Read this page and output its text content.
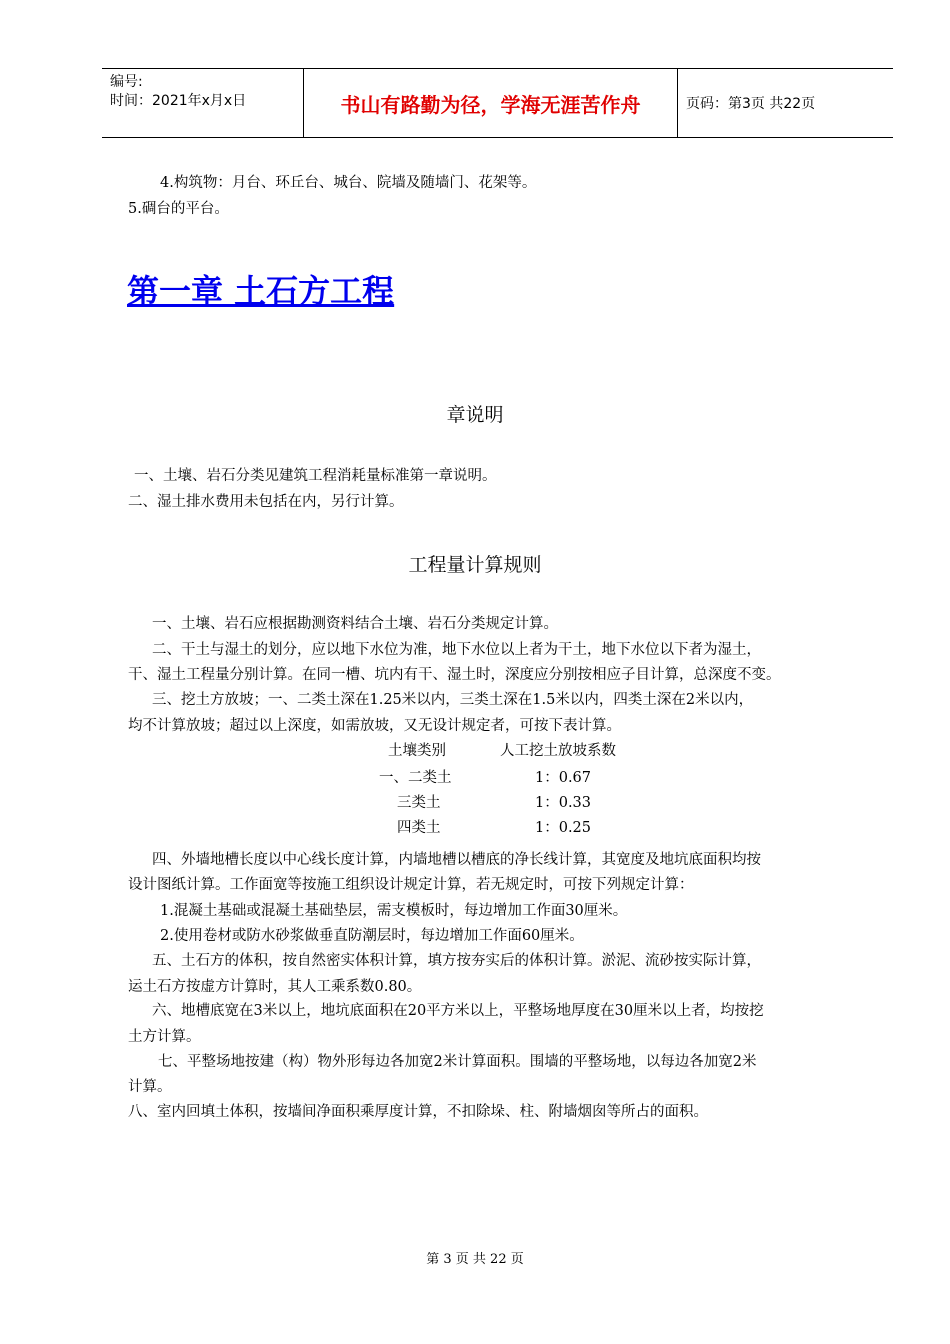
编号:
时间：2021年x月x日	书山有路勤为径，学海无涯苦作舟	页码：第3页 共22页
4.构筑物：月台、环丘台、城台、院墙及随墙门、花架等。
5.碉台的平台。
第一章 土石方工程
章说明
一、土壤、岩石分类见建筑工程消耗量标准第一章说明。
二、湿土排水费用未包括在内，另行计算。
工程量计算规则
一、土壤、岩石应根据勘测资料结合土壤、岩石分类规定计算。
二、干土与湿土的划分，应以地下水位为准，地下水位以上者为干土，地下水位以下者为湿土，
干、湿土工程量分别计算。在同一槽、坑内有干、湿土时，深度应分别按相应子目计算，总深度不变。
三、挖土方放坡；一、二类土深在1.25米以内，三类土深在1.5米以内，四类土深在2米以内，
均不计算放坡；超过以上深度，如需放坡，又无设计规定者，可按下表计算。
土壤类别	人工挖土放坡系数
一、二类土	1：0.67
三类土	1：0.33
四类土	1：0.25
四、外墙地槽长度以中心线长度计算，内墙地槽以槽底的净长线计算，其宽度及地坑底面积均按
设计图纸计算。工作面宽等按施工组织设计规定计算，若无规定时，可按下列规定计算：
1.混凝土基础或混凝土基础垫层，需支模板时，每边增加工作面30厘米。
2.使用卷材或防水砂浆做垂直防潮层时，每边增加工作面60厘米。
五、土石方的体积，按自然密实体积计算，填方按夯实后的体积计算。淤泥、流砂按实际计算，
运土石方按虚方计算时，其人工乘系数0.80。
六、地槽底宽在3米以上，地坑底面积在20平方米以上，平整场地厚度在30厘米以上者，均按挖
土方计算。
七、平整场地按建（构）物外形每边各加宽2米计算面积。围墙的平整场地，以每边各加宽2米
计算。
八、室内回填土体积，按墙间净面积乘厚度计算，不扣除垛、柱、附墙烟囱等所占的面积。
第 3 页 共 22 页
